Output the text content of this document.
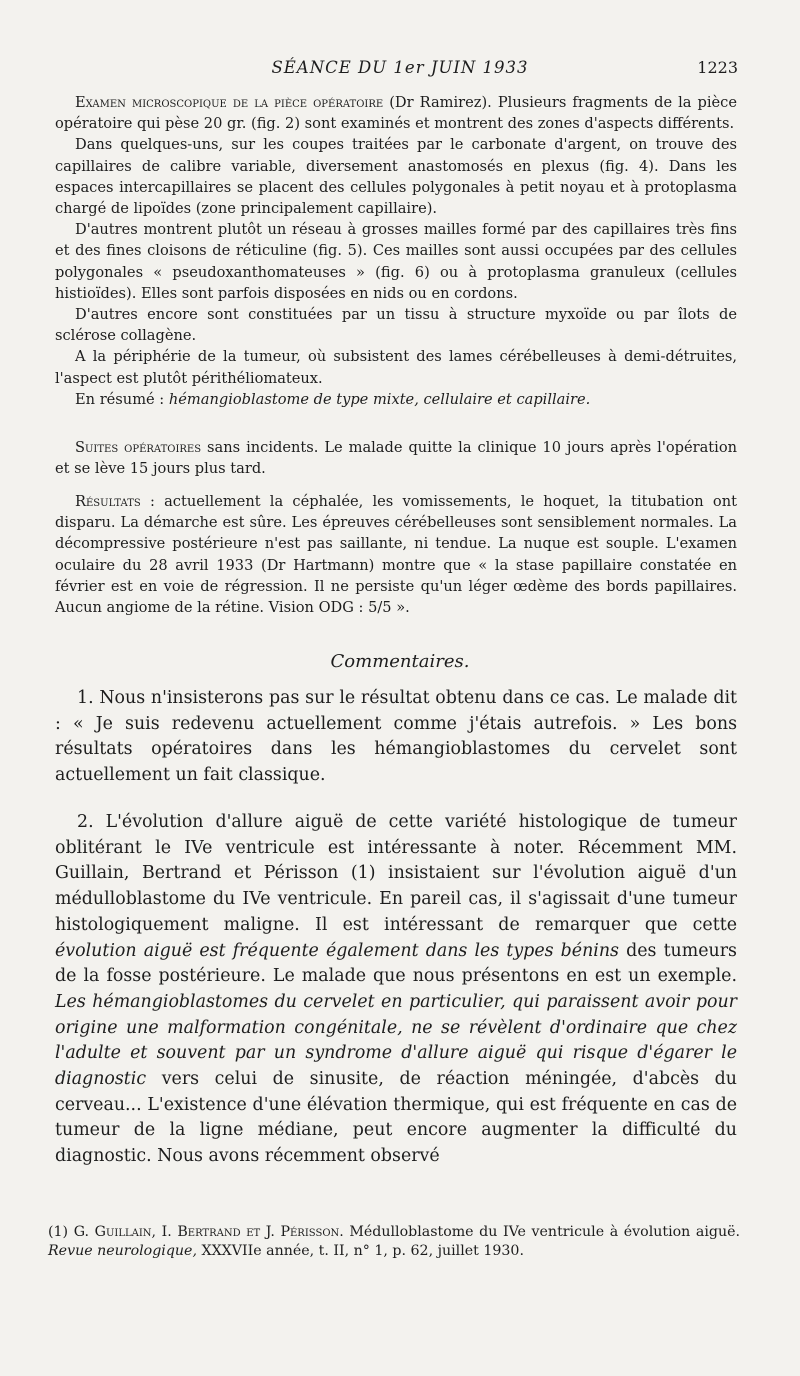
SÉANCE DU 1er JUIN 1933	1223

Examen microscopique de la pièce opératoire (Dr Ramirez). Plusieurs fragments de la pièce opératoire qui pèse 20 gr. (fig. 2) sont examinés et montrent des zones d'aspects différents.

Dans quelques-uns, sur les coupes traitées par le carbonate d'argent, on trouve des capillaires de calibre variable, diversement anastomosés en plexus (fig. 4). Dans les espaces intercapillaires se placent des cellules polygonales à petit noyau et à protoplasma chargé de lipoïdes (zone principalement capillaire).

D'autres montrent plutôt un réseau à grosses mailles formé par des capillaires très fins et des fines cloisons de réticuline (fig. 5). Ces mailles sont aussi occupées par des cellules polygonales « pseudoxanthomateuses » (fig. 6) ou à protoplasma granuleux (cellules histioïdes). Elles sont parfois disposées en nids ou en cordons.

D'autres encore sont constituées par un tissu à structure myxoïde ou par îlots de sclérose collagène.

A la périphérie de la tumeur, où subsistent des lames cérébelleuses à demi-détruites, l'aspect est plutôt périthéliomateux.

En résumé : hémangioblastome de type mixte, cellulaire et capillaire.

Suites opératoires sans incidents. Le malade quitte la clinique 10 jours après l'opération et se lève 15 jours plus tard.

Résultats : actuellement la céphalée, les vomissements, le hoquet, la titubation ont disparu. La démarche est sûre. Les épreuves cérébelleuses sont sensiblement normales. La décompressive postérieure n'est pas saillante, ni tendue. La nuque est souple. L'examen oculaire du 28 avril 1933 (Dr Hartmann) montre que « la stase papillaire constatée en février est en voie de régression. Il ne persiste qu'un léger œdème des bords papillaires. Aucun angiome de la rétine. Vision ODG : 5/5 ».

Commentaires.

1. Nous n'insisterons pas sur le résultat obtenu dans ce cas. Le malade dit : « Je suis redevenu actuellement comme j'étais autrefois. » Les bons résultats opératoires dans les hémangioblastomes du cervelet sont actuellement un fait classique.

2. L'évolution d'allure aiguë de cette variété histologique de tumeur oblitérant le IVe ventricule est intéressante à noter. Récemment MM. Guillain, Bertrand et Périsson (1) insistaient sur l'évolution aiguë d'un médulloblastome du IVe ventricule. En pareil cas, il s'agissait d'une tumeur histologiquement maligne. Il est intéressant de remarquer que cette évolution aiguë est fréquente également dans les types bénins des tumeurs de la fosse postérieure. Le malade que nous présentons en est un exemple. Les hémangioblastomes du cervelet en particulier, qui paraissent avoir pour origine une malformation congénitale, ne se révèlent d'ordinaire que chez l'adulte et souvent par un syndrome d'allure aiguë qui risque d'égarer le diagnostic vers celui de sinusite, de réaction méningée, d'abcès du cerveau... L'existence d'une élévation thermique, qui est fréquente en cas de tumeur de la ligne médiane, peut encore augmenter la difficulté du diagnostic. Nous avons récemment observé

(1) G. Guillain, I. Bertrand et J. Périsson. Médulloblastome du IVe ventricule à évolution aiguë. Revue neurologique, XXXVIIe année, t. II, n° 1, p. 62, juillet 1930.
